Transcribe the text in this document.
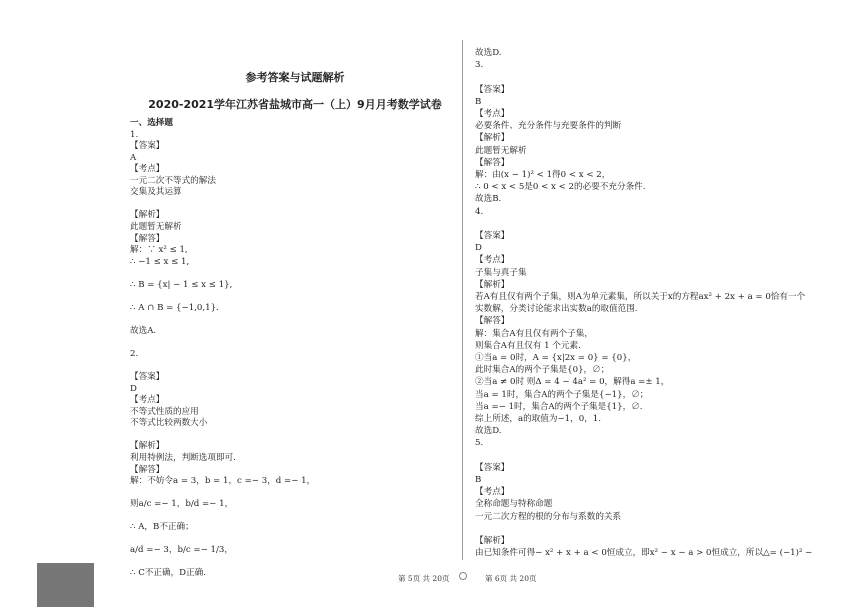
参考答案与试题解析
2020-2021学年江苏省盐城市高一（上）9月月考数学试卷
一、选择题
1.
【答案】
A
【考点】
一元二次不等式的解法
交集及其运算
【解析】
此题暂无解析
【解答】
解：∵ x² ≤ 1,
∴ −1 ≤ x ≤ 1,
∴ B = {x| − 1 ≤ x ≤ 1},
∴ A ∩ B = {−1,0,1}.
故选A.
2.
【答案】
D
【考点】
不等式性质的应用
不等式比较两数大小
【解析】
利用特例法，判断选项即可.
【解答】
解：不妨令a = 3，b = 1，c =− 3，d =− 1，
则a/c =− 1，b/d =− 1，
∴ A，B不正确；
a/d =− 3，b/c =− 1/3，
∴ C不正确，D正确.
故选D.
3.
【答案】
B
【考点】
必要条件、充分条件与充要条件的判断
【解析】
此题暂无解析
【解答】
解：由(x − 1)² < 1得0 < x < 2，
∴ 0 < x < 5是0 < x < 2的必要不充分条件.
故选B.
4.
【答案】
D
【考点】
子集与真子集
【解析】
若A有且仅有两个子集，则A为单元素集，所以关于x的方程ax² + 2x + a = 0恰有一个
实数解，分类讨论能求出实数a的取值范围.
【解答】
解：集合A有且仅有两个子集，
则集合A有且仅有 1 个元素.
①当a = 0时，A = {x|2x = 0} = {0}，
此时集合A的两个子集是{0}，∅；
②当a ≠ 0时 则Δ = 4 − 4a² = 0，解得a =± 1，
当a = 1时，集合A的两个子集是{−1}，∅；
当a =− 1时，集合A的两个子集是{1}，∅.
综上所述，a的取值为−1，0，1.
故选D.
5.
【答案】
B
【考点】
全称命题与特称命题
一元二次方程的根的分布与系数的关系
【解析】
由已知条件可得− x² + x + a < 0恒成立，即x² − x − a > 0恒成立，所以△= (−1)² −
第 5页 共 20页	第 6页 共 20页
